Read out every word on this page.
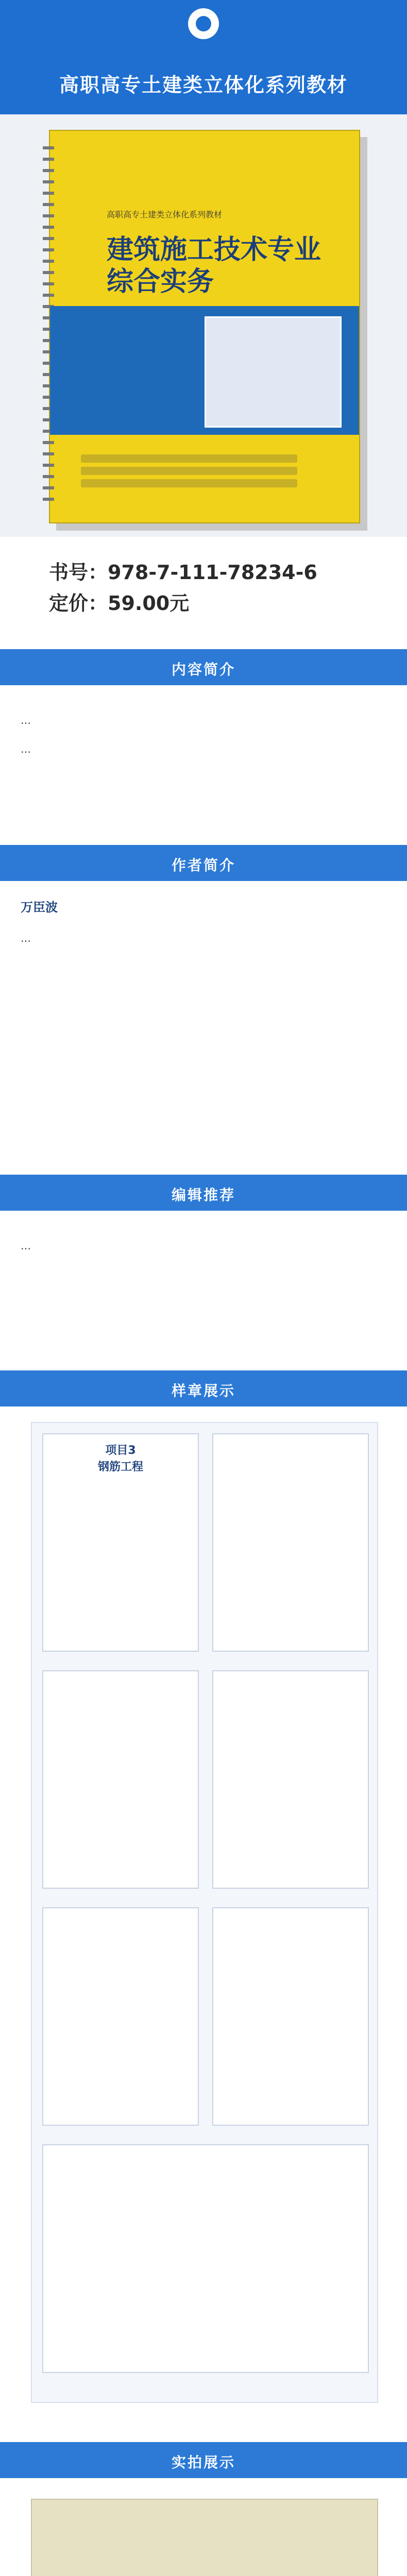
高职高专土建类立体化系列教材
高职高专土建类立体化系列教材
建筑施工技术专业综合实务
书号：978-7-111-78234-6
定价：59.00元
内容简介

…

…

作者简介
万臣波

…

编辑推荐

…

样章展示
项目3
钢筋工程
实拍展示
